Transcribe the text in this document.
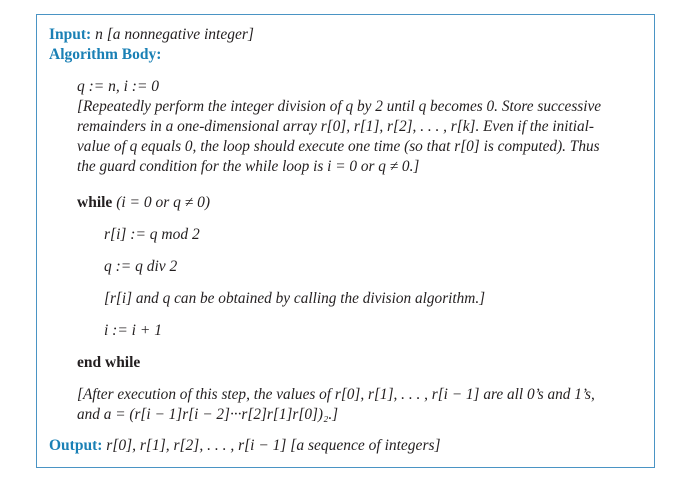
Input: n [a nonnegative integer]
Algorithm Body:
q := n, i := 0
[Repeatedly perform the integer division of q by 2 until q becomes 0. Store successive
remainders in a one-dimensional array r[0], r[1], r[2], . . . , r[k]. Even if the initial-
value of q equals 0, the loop should execute one time (so that r[0] is computed). Thus
the guard condition for the while loop is i = 0 or q ≠ 0.]
while (i = 0 or q ≠ 0)
r[i] := q mod 2
q := q div 2
[r[i] and q can be obtained by calling the division algorithm.]
i := i + 1
end while
[After execution of this step, the values of r[0], r[1], . . . , r[i − 1] are all 0’s and 1’s,
and a = (r[i − 1]r[i − 2]···r[2]r[1]r[0])₂.]
Output: r[0], r[1], r[2], . . . , r[i − 1] [a sequence of integers]
